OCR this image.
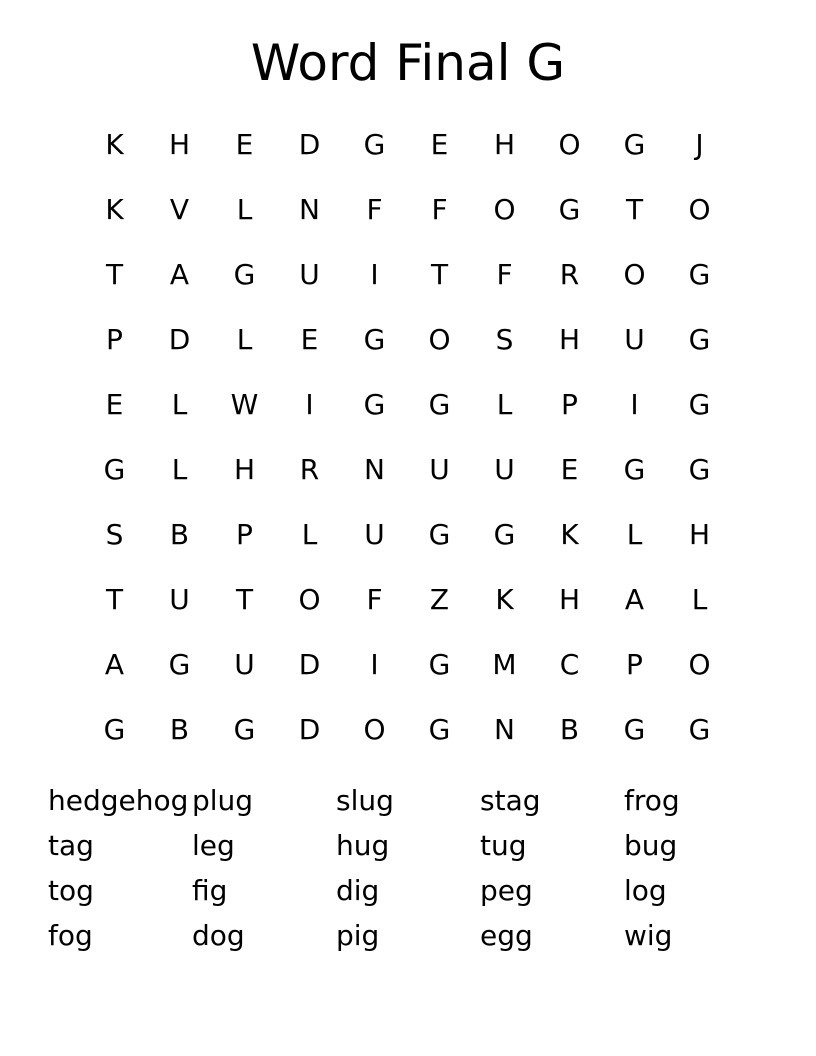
Word Final G
K	H	E	D	G	E	H	O	G	J
K	V	L	N	F	F	O	G	T	O
T	A	G	U	I	T	F	R	O	G
P	D	L	E	G	O	S	H	U	G
E	L	W	I	G	G	L	P	I	G
G	L	H	R	N	U	U	E	G	G
S	B	P	L	U	G	G	K	L	H
T	U	T	O	F	Z	K	H	A	L
A	G	U	D	I	G	M	C	P	O
G	B	G	D	O	G	N	B	G	G
hedgehog plug	slug	stag	frog
tag	leg	hug	tug	bug
tog	fig	dig	peg	log
fog	dog	pig	egg	wig
